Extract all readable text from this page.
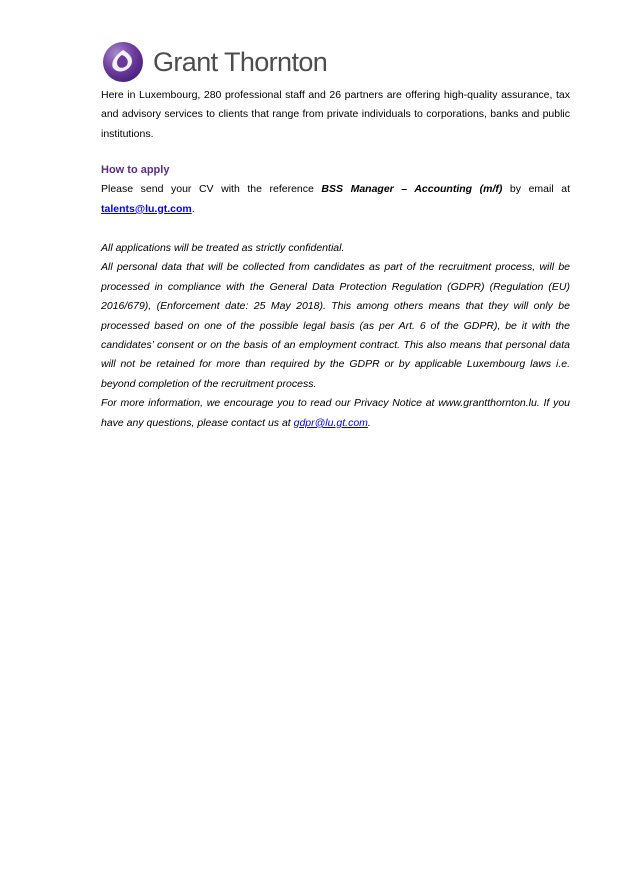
Grant Thornton

Here in Luxembourg, 280 professional staff and 26 partners are offering high-quality assurance, tax and advisory services to clients that range from private individuals to corporations, banks and public institutions.

How to apply

Please send your CV with the reference BSS Manager – Accounting (m/f) by email at talents@lu.gt.com.

All applications will be treated as strictly confidential.

All personal data that will be collected from candidates as part of the recruitment process, will be processed in compliance with the General Data Protection Regulation (GDPR) (Regulation (EU) 2016/679), (Enforcement date: 25 May 2018). This among others means that they will only be processed based on one of the possible legal basis (as per Art. 6 of the GDPR), be it with the candidates’ consent or on the basis of an employment contract. This also means that personal data will not be retained for more than required by the GDPR or by applicable Luxembourg laws i.e. beyond completion of the recruitment process.

For more information, we encourage you to read our Privacy Notice at www.grantthornton.lu. If you have any questions, please contact us at gdpr@lu.gt.com.
